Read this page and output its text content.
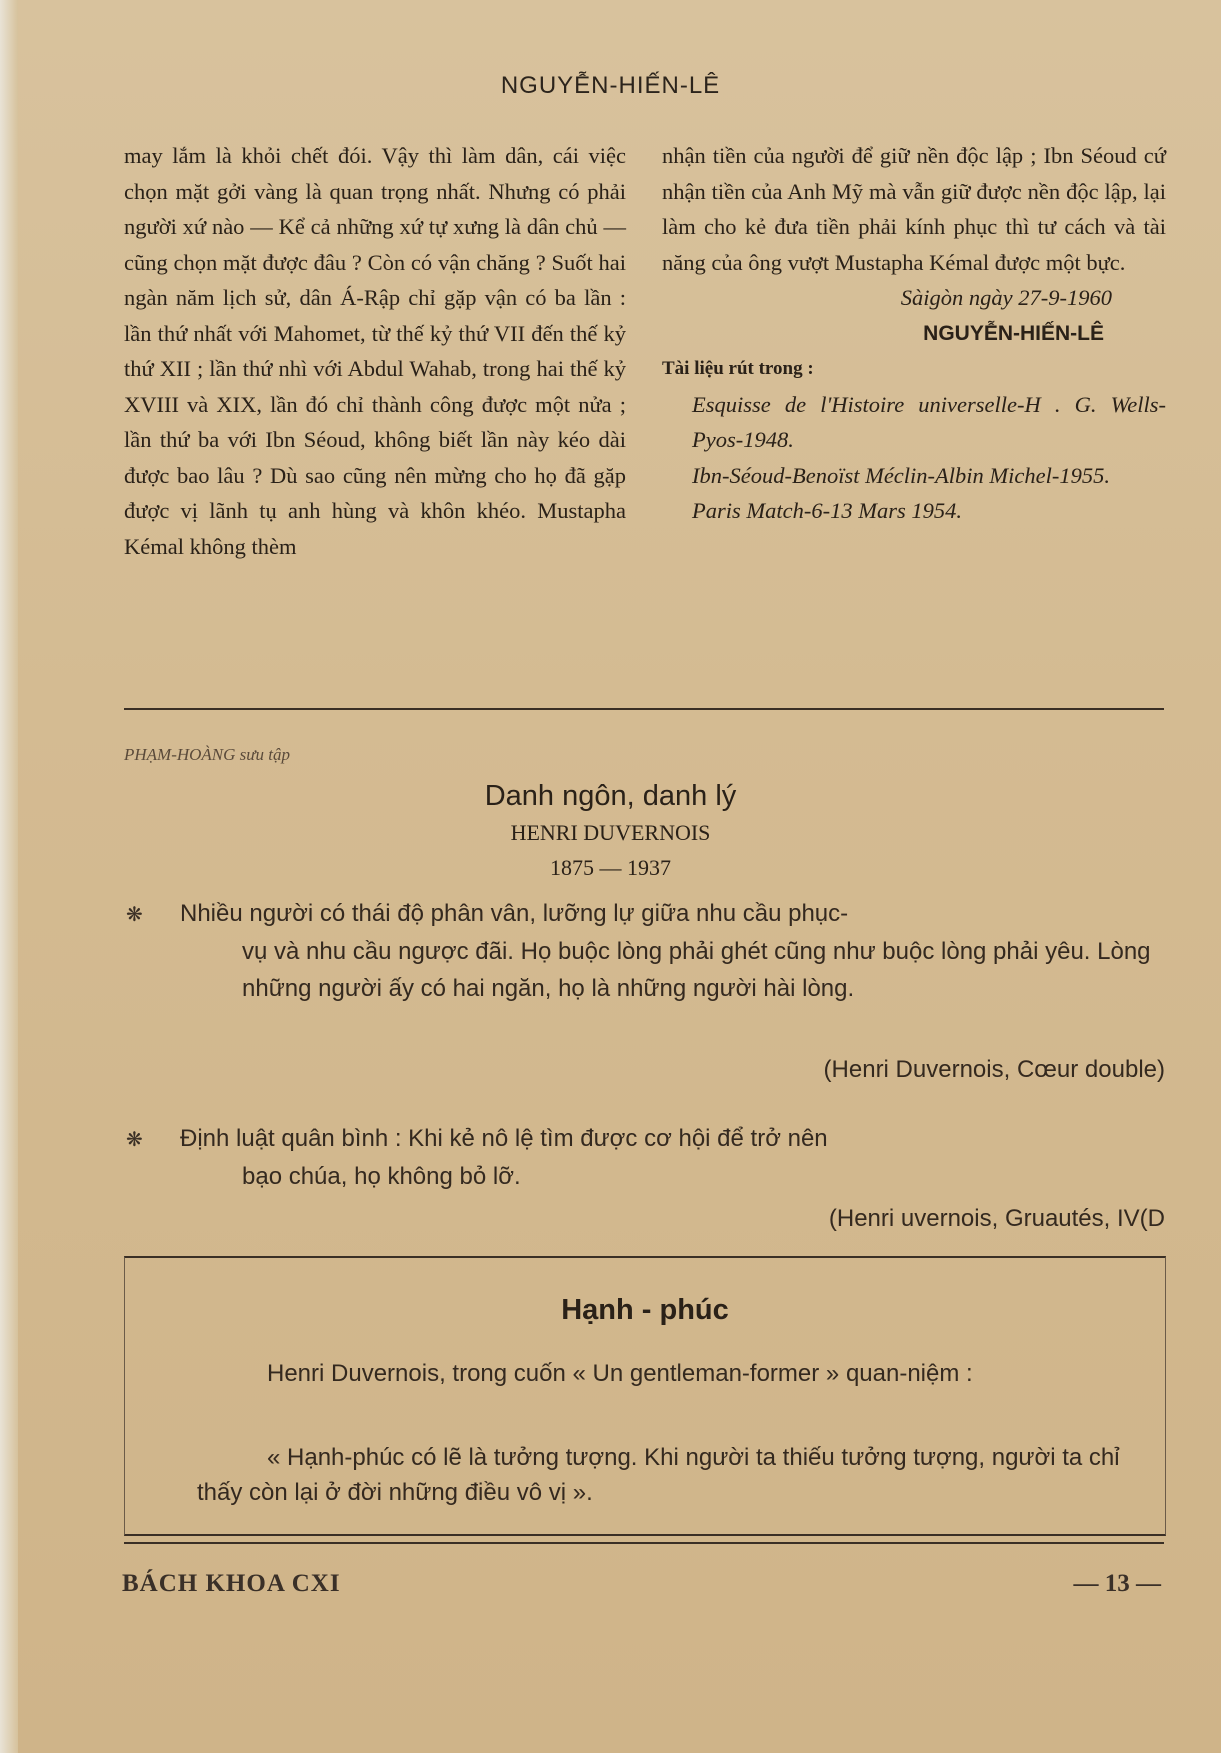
NGUYỄN-HIẾN-LÊ

may lắm là khỏi chết đói. Vậy thì làm dân, cái việc chọn mặt gởi vàng là quan trọng nhất. Nhưng có phải người xứ nào — Kể cả những xứ tự xưng là dân chủ — cũng chọn mặt được đâu ? Còn có vận chăng ? Suốt hai ngàn năm lịch sử, dân Á-Rập chỉ gặp vận có ba lần : lần thứ nhất với Mahomet, từ thế kỷ thứ VII đến thế kỷ thứ XII ; lần thứ nhì với Abdul Wahab, trong hai thế kỷ XVIII và XIX, lần đó chỉ thành công được một nửa ; lần thứ ba với Ibn Séoud, không biết lần này kéo dài được bao lâu ? Dù sao cũng nên mừng cho họ đã gặp được vị lãnh tụ anh hùng và khôn khéo. Mustapha Kémal không thèm

nhận tiền của người để giữ nền độc lập ; Ibn Séoud cứ nhận tiền của Anh Mỹ mà vẫn giữ được nền độc lập, lại làm cho kẻ đưa tiền phải kính phục thì tư cách và tài năng của ông vượt Mustapha Kémal được một bực.

Sàigòn ngày 27-9-1960

NGUYỄN-HIẾN-LÊ

Tài liệu rút trong :

Esquisse de l'Histoire universelle-H . G. Wells-Pyos-1948.

Ibn-Séoud-Benoïst Méclin-Albin Michel-1955.

Paris Match-6-13 Mars 1954.

PHẠM-HOÀNG sưu tập
Danh ngôn, danh lý
HENRI DUVERNOIS
1875 — 1937
❋ Nhiều người có thái độ phân vân, lưỡng lự giữa nhu cầu phục-
vụ và nhu cầu ngược đãi. Họ buộc lòng phải ghét cũng như buộc lòng phải yêu. Lòng những người ấy có hai ngăn, họ là những người hài lòng.
(Henri Duvernois, Cœur double)
❋ Định luật quân bình : Khi kẻ nô lệ tìm được cơ hội để trở nên
bạo chúa, họ không bỏ lỡ.
(Henri uvernois, Gruautés, IV(D
Hạnh - phúc
Henri Duvernois, trong cuốn « Un gentleman-former » quan-niệm :
« Hạnh-phúc có lẽ là tưởng tượng. Khi người ta thiếu tưởng tượng, người ta chỉ thấy còn lại ở đời những điều vô vị ».
BÁCH KHOA CXI	— 13 —
